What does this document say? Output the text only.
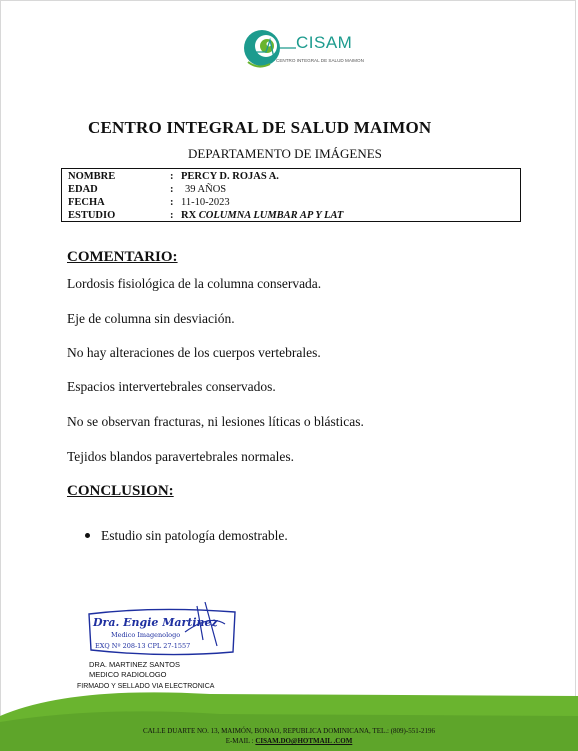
CISAM
CENTRO INTEGRAL DE SALUD MAIMON
CENTRO INTEGRAL DE SALUD MAIMON
DEPARTAMENTO DE IMÁGENES
NOMBRE	: PERCY D. ROJAS A.
EDAD	: 39 AÑOS
FECHA	: 11-10-2023
ESTUDIO	: RX COLUMNA LUMBAR AP Y LAT
COMENTARIO:
Lordosis fisiológica de la columna conservada.
Eje de columna sin desviación.
No hay alteraciones de los cuerpos vertebrales.
Espacios intervertebrales conservados.
No se observan fracturas, ni lesiones líticas o blásticas.
Tejidos blandos paravertebrales normales.
CONCLUSION:
Estudio sin patología demostrable.
Dra. Engie Martinez
Medico Imagenologo
EXQ Nº 208-13 CPL 27-1557
DRA. MARTINEZ SANTOS
MEDICO RADIOLOGO
FIRMADO Y SELLADO VIA ELECTRONICA
CALLE DUARTE NO. 13, MAIMÓN, BONAO, REPUBLICA DOMINICANA, TEL.: (809)-551-2196
E-MAIL : CISAM.DO@HOTMAIL .COM
